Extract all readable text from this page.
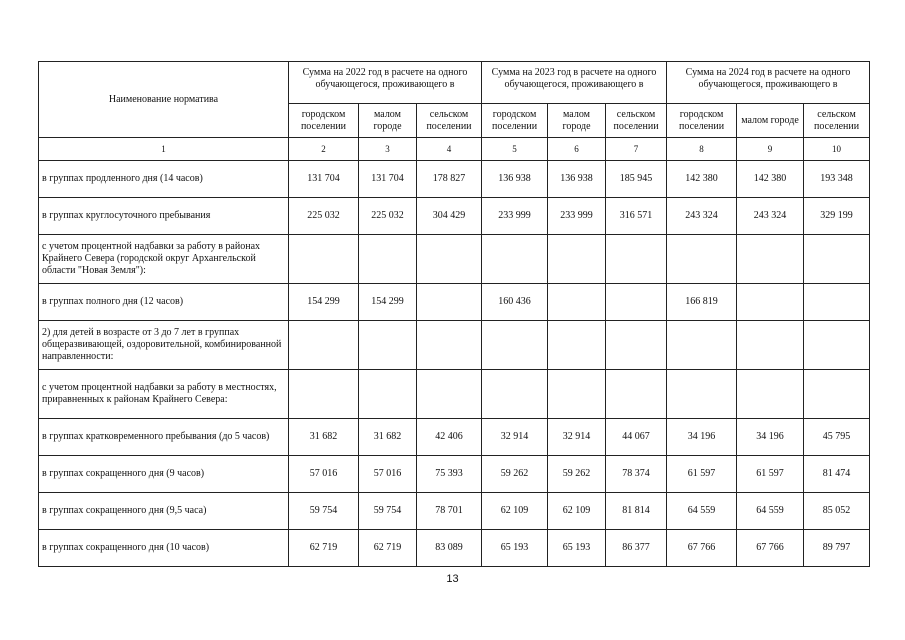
Наименование норматива	Сумма на 2022 год в расчете на одного обучающегося, проживающего в			Сумма на 2023 год в расчете на одного обучающегося, проживающего в			Сумма на 2024 год в расчете на одного обучающегося, проживающего в		
	городском поселении	малом городе	сельском поселении	городском поселении	малом городе	сельском поселении	городском поселении	малом городе	сельском поселении
1	2	3	4	5	6	7	8	9	10
в группах продленного дня (14 часов)	131 704	131 704	178 827	136 938	136 938	185 945	142 380	142 380	193 348
в группах круглосуточного пребывания	225 032	225 032	304 429	233 999	233 999	316 571	243 324	243 324	329 199
с учетом процентной надбавки за работу в районах Крайнего Севера (городской округ Архангельской области "Новая Земля"):									
в группах полного дня (12 часов)	154 299	154 299		160 436			166 819		
2) для детей в возрасте от 3 до 7 лет в группах общеразвивающей, оздоровительной, комбинированной направленности:									
с учетом процентной надбавки за работу в местностях, приравненных к районам Крайнего Севера:									
в группах кратковременного пребывания (до 5 часов)	31 682	31 682	42 406	32 914	32 914	44 067	34 196	34 196	45 795
в группах сокращенного дня (9 часов)	57 016	57 016	75 393	59 262	59 262	78 374	61 597	61 597	81 474
в группах сокращенного дня (9,5 часа)	59 754	59 754	78 701	62 109	62 109	81 814	64 559	64 559	85 052
в группах сокращенного дня (10 часов)	62 719	62 719	83 089	65 193	65 193	86 377	67 766	67 766	89 797
13
